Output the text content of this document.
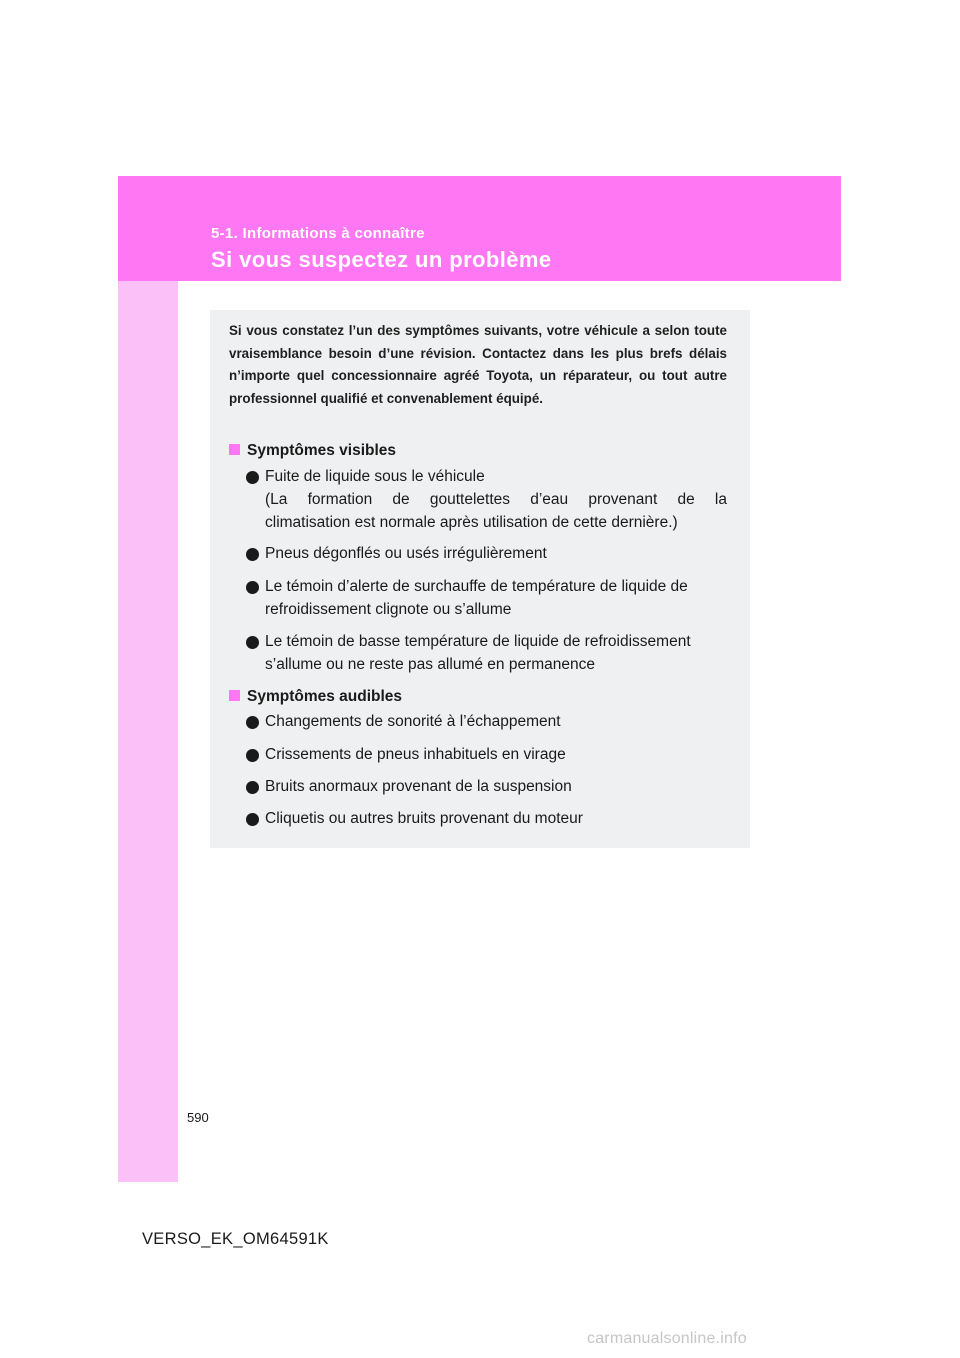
5-1. Informations à connaître
Si vous suspectez un problème
Si vous constatez l’un des symptômes suivants, votre véhicule a selon toute vraisemblance besoin d’une révision. Contactez dans les plus brefs délais n’importe quel concessionnaire agréé Toyota, un réparateur, ou tout autre professionnel qualifié et convenablement équipé.
Symptômes visibles
Fuite de liquide sous le véhicule
(La formation de gouttelettes d’eau provenant de la
climatisation est normale après utilisation de cette dernière.)
Pneus dégonflés ou usés irrégulièrement
Le témoin d’alerte de surchauffe de température de liquide de refroidissement clignote ou s’allume
Le témoin de basse température de liquide de refroidissement s’allume ou ne reste pas allumé en permanence
Symptômes audibles
Changements de sonorité à l’échappement
Crissements de pneus inhabituels en virage
Bruits anormaux provenant de la suspension
Cliquetis ou autres bruits provenant du moteur
590
VERSO_EK_OM64591K
carmanualsonline.info
